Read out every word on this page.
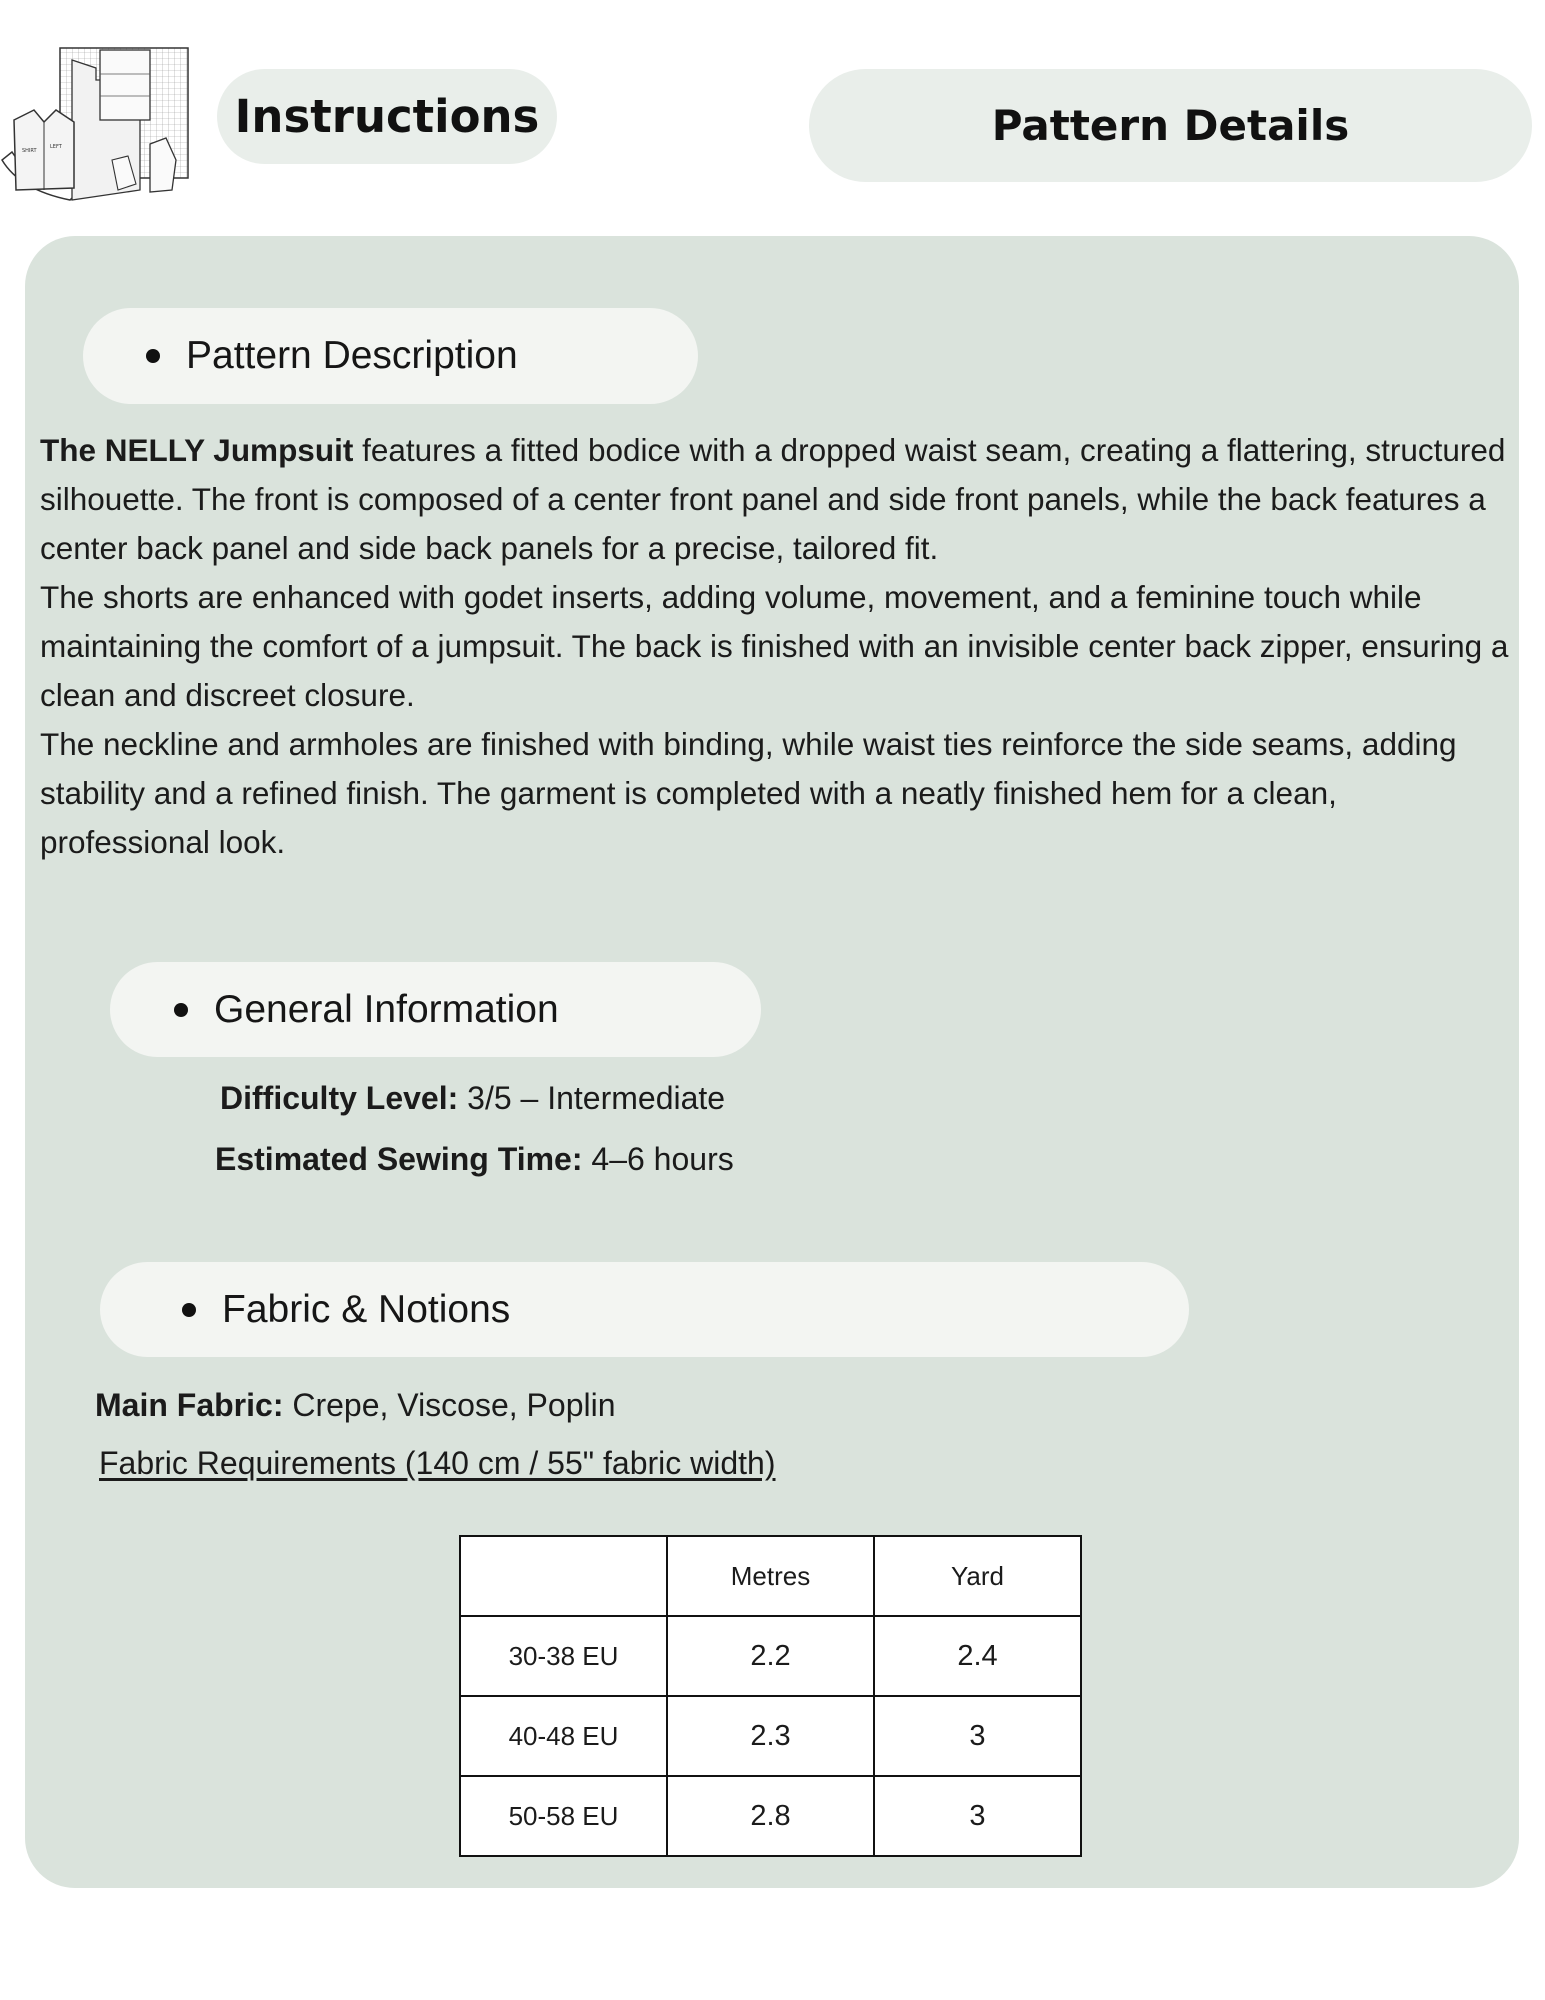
SHIRT
LEFT
Instructions	Pattern Details
Pattern Description

The NELLY Jumpsuit features a fitted bodice with a dropped waist seam, creating a flattering, structured silhouette. The front is composed of a center front panel and side front panels, while the back features a center back panel and side back panels for a precise, tailored fit.

The shorts are enhanced with godet inserts, adding volume, movement, and a feminine touch while maintaining the comfort of a jumpsuit. The back is finished with an invisible center back zipper, ensuring a clean and discreet closure.

The neckline and armholes are finished with binding, while waist ties reinforce the side seams, adding stability and a refined finish. The garment is completed with a neatly finished hem for a clean, professional look.

General Information
Difficulty Level: 3/5 – Intermediate
Estimated Sewing Time: 4–6 hours
Fabric & Notions
Main Fabric: Crepe, Viscose, Poplin
Fabric Requirements (140 cm / 55" fabric width)
	Metres	Yard
30-38 EU	2.2	2.4
40-48 EU	2.3	3
50-58 EU	2.8	3
